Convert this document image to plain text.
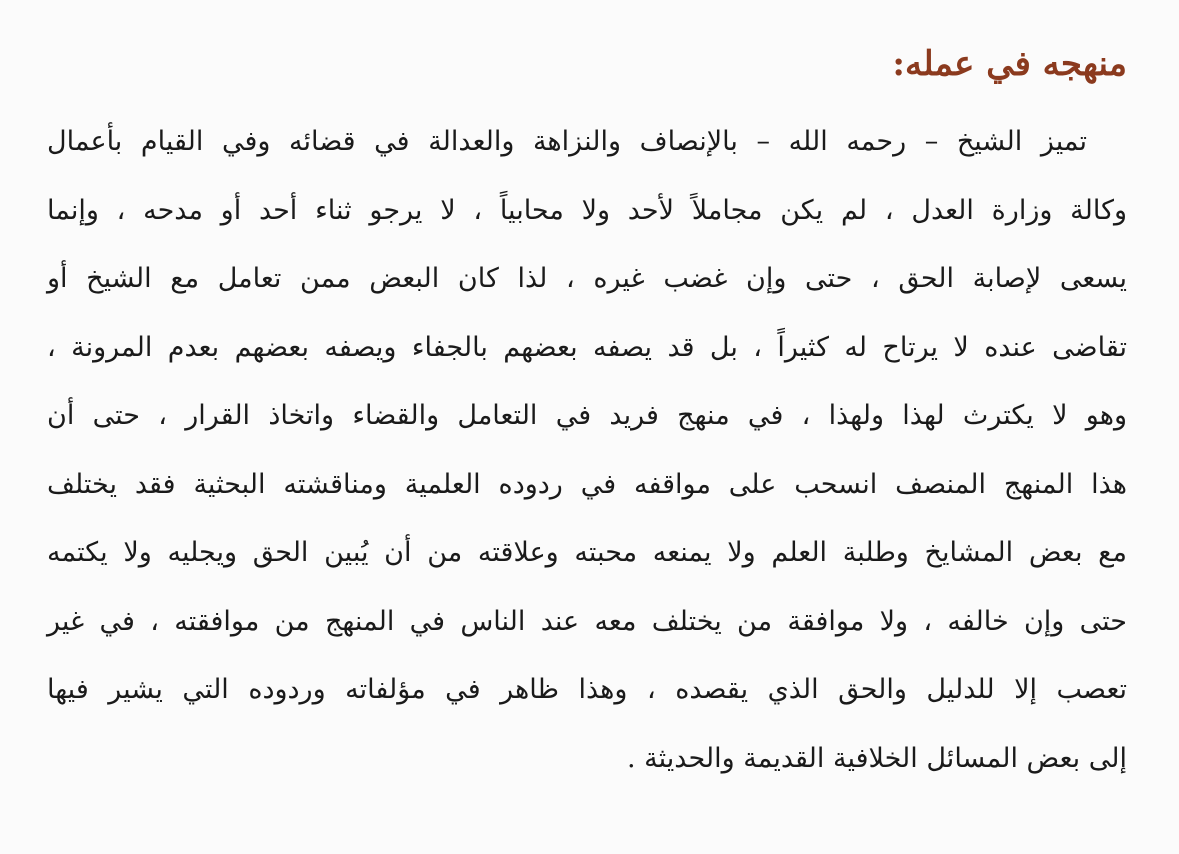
منهجه في عمله:
تميز الشيخ – رحمه الله – بالإنصاف والنزاهة والعدالة في قضائه وفي القيام بأعمال
وكالة وزارة العدل ، لم يكن مجاملاً لأحد ولا محابياً ، لا يرجو ثناء أحد أو مدحه ، وإنما
يسعى لإصابة الحق ، حتى وإن غضب غيره ، لذا كان البعض ممن تعامل مع الشيخ أو
تقاضى عنده لا يرتاح له كثيراً ، بل قد يصفه بعضهم بالجفاء ويصفه بعضهم بعدم المرونة ،
وهو لا يكترث لهذا ولهذا ، في منهج فريد في التعامل والقضاء واتخاذ القرار ، حتى أن
هذا المنهج المنصف انسحب على مواقفه في ردوده العلمية ومناقشته البحثية فقد يختلف
مع بعض المشايخ وطلبة العلم ولا يمنعه محبته وعلاقته من أن يُبين الحق ويجليه ولا يكتمه
حتى وإن خالفه ، ولا موافقة من يختلف معه عند الناس في المنهج من موافقته ، في غير
تعصب إلا للدليل والحق الذي يقصده ، وهذا ظاهر في مؤلفاته وردوده التي يشير فيها
إلى بعض المسائل الخلافية القديمة والحديثة .
